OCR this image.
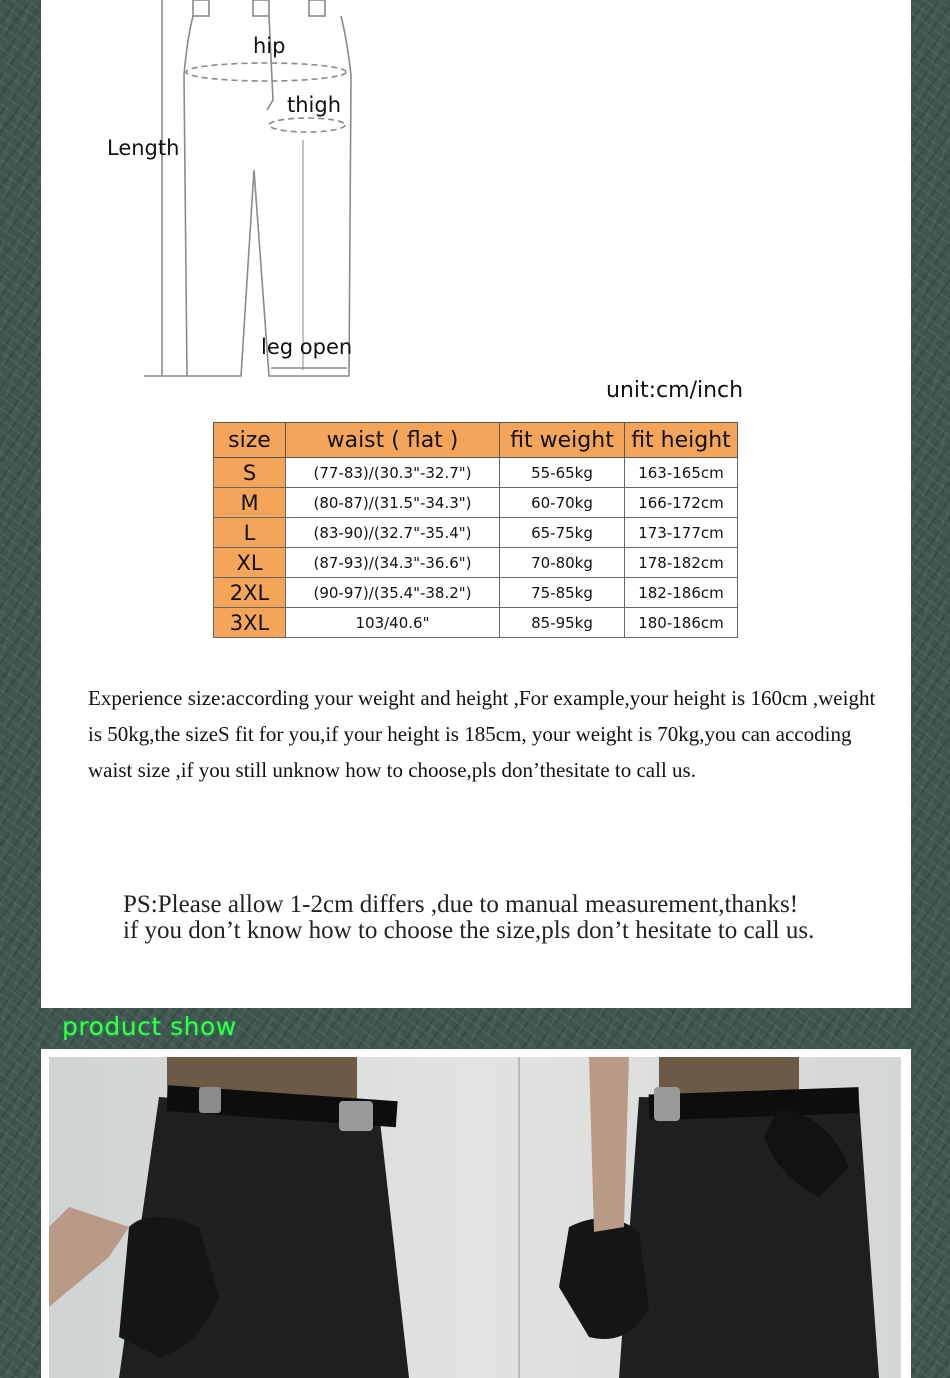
hip
thigh
Length
leg open
unit:cm/inch
size	waist ( flat )	fit weight	fit height
S	(77-83)/(30.3"-32.7")	55-65kg	163-165cm
M	(80-87)/(31.5"-34.3")	60-70kg	166-172cm
L	(83-90)/(32.7"-35.4")	65-75kg	173-177cm
XL	(87-93)/(34.3"-36.6")	70-80kg	178-182cm
2XL	(90-97)/(35.4"-38.2")	75-85kg	182-186cm
3XL	103/40.6"	85-95kg	180-186cm
Experience size:according your weight and height ,For example,your height is 160cm ,weight is 50kg,the sizeS fit for you,if your height is 185cm, your weight is 70kg,you can accoding waist size ,if you still unknow how to choose,pls don’thesitate to call us.
PS:Please allow 1-2cm differs ,due to manual measurement,thanks!
if you don’t know how to choose the size,pls don’t hesitate to call us.
product show
